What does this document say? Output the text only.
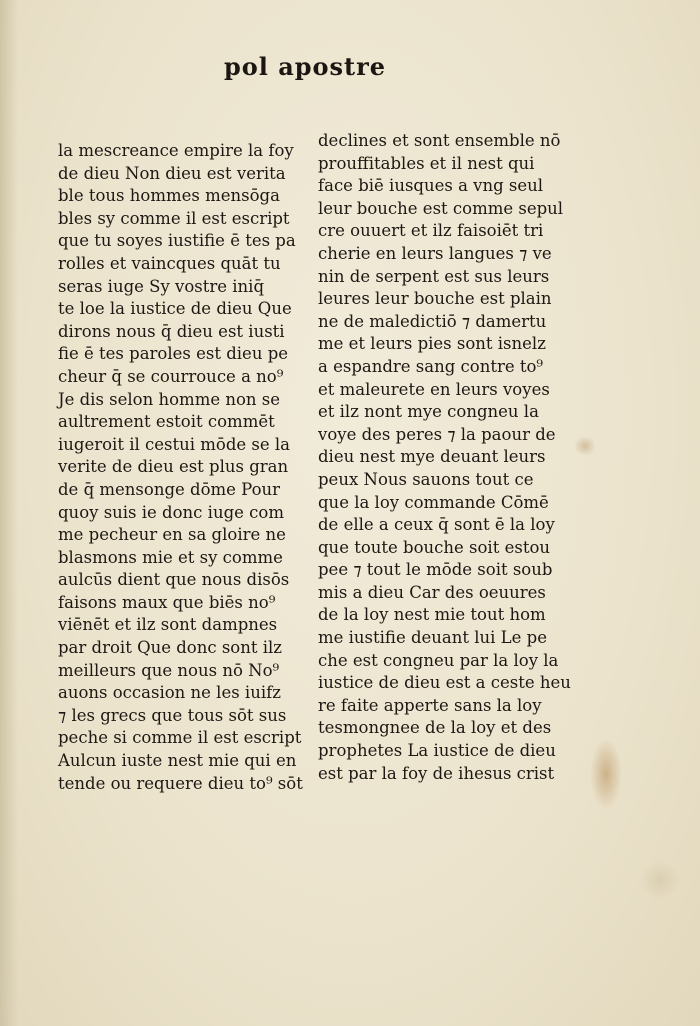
pol apostre
la mescreance empire la foy
de dieu Non dieu est verita
ble tous hommes mensōga
bles sy comme il est escript
que tu soyes iustifie ē tes pa
rolles et vaincques quāt tu
seras iuge Sy vostre iniq̄
te loe la iustice de dieu Que
dirons nous q̄ dieu est iusti
fie ē tes paroles est dieu pe
cheur q̄ se courrouce a no⁹
Je dis selon homme non se
aultrement estoit commēt
iugeroit il cestui mōde se la
verite de dieu est plus gran
de q̄ mensonge dōme Pour
quoy suis ie donc iuge com
me pecheur en sa gloire ne
blasmons mie et sy comme
aulcūs dient que nous disōs
faisons maux que biēs no⁹
viēnēt et ilz sont dampnes
par droit Que donc sont ilz
meilleurs que nous nō No⁹
auons occasion ne les iuifz
⁊ les grecs que tous sōt sus
peche si comme il est escript
Aulcun iuste nest mie qui en
tende ou requere dieu to⁹ sōt
declines et sont ensemble nō
prouffitables et il nest qui
face biē iusques a vng seul
leur bouche est comme sepul
cre ouuert et ilz faisoiēt tri
cherie en leurs langues ⁊ ve
nin de serpent est sus leurs
leures leur bouche est plain
ne de maledictiō ⁊ damertu
me et leurs pies sont isnelz
a espandre sang contre to⁹
et maleurete en leurs voyes
et ilz nont mye congneu la
voye des peres ⁊ la paour de
dieu nest mye deuant leurs
peux Nous sauons tout ce
que la loy commande Cōmē
de elle a ceux q̄ sont ē la loy
que toute bouche soit estou
pee ⁊ tout le mōde soit soub
mis a dieu Car des oeuures
de la loy nest mie tout hom
me iustifie deuant lui Le pe
che est congneu par la loy la
iustice de dieu est a ceste heu
re faite apperte sans la loy
tesmongnee de la loy et des
prophetes La iustice de dieu
est par la foy de ihesus crist
